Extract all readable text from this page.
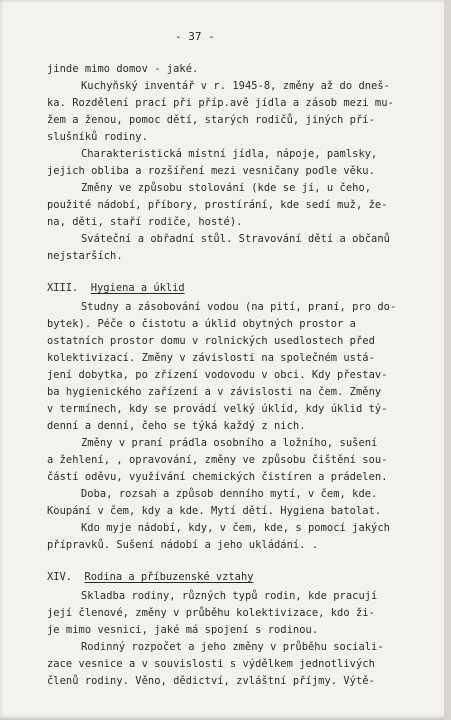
- 37 -
jinde mimo domov - jaké.
Kuchyňský inventář v r. 1945-8, změny až do dneš-
ka. Rozdělení prací při příp.avě jídla a zásob mezi mu-
žem a ženou, pomoc dětí, starých rodičů, jiných pří-
slušníků rodiny.
Charakteristická místní jídla, nápoje, pamlsky,
jejich obliba a rozšíření mezi vesničany podle věku.
Změny ve způsobu stolování (kde se jí, u čeho,
použité nádobí, příbory, prostírání, kde sedí muž, že-
na, děti, staří rodiče, hosté).
Sváteční a obřadní stůl. Stravování dětí a občanů
nejstarších.
XIII. Hygiena a úklid
Studny a zásobování vodou (na pití, praní, pro do-
bytek). Péče o čistotu a úklid obytných prostor a
ostatních prostor domu v rolnických usedlostech před
kolektivizací. Změny v závislosti na společném ustá-
jení dobytka, po zřízení vodovodu v obci. Kdy přestav-
ba hygienického zařízení a v závislosti na čem. Změny
v termínech, kdy se provádí velký úklid, kdy úklid tý-
denní a denní, čeho se týká každý z nich.
Změny v praní prádla osobního a ložního, sušení
a žehlení, , opravování, změny ve způsobu čištění sou-
částí oděvu, využívání chemických čistíren a prádelen.
Doba, rozsah a způsob denního mytí, v čem, kde.
Koupání v čem, kdy a kde. Mytí dětí. Hygiena batolat.
Kdo myje nádobí, kdy, v čem, kde, s pomocí jakých
přípravků. Sušení nádobí a jeho ukládání. .
XIV. Rodina a příbuzenské vztahy
Skladba rodiny, různých typů rodin, kde pracují
její členové, změny v průběhu kolektivizace, kdo ži-
je mimo vesnici, jaké má spojení s rodinou.
Rodinný rozpočet a jeho změny v průběhu sociali-
zace vesnice a v souvislosti s výdělkem jednotlivých
členů rodiny. Věno, dědictví, zvláštní příjmy. Výtě-
